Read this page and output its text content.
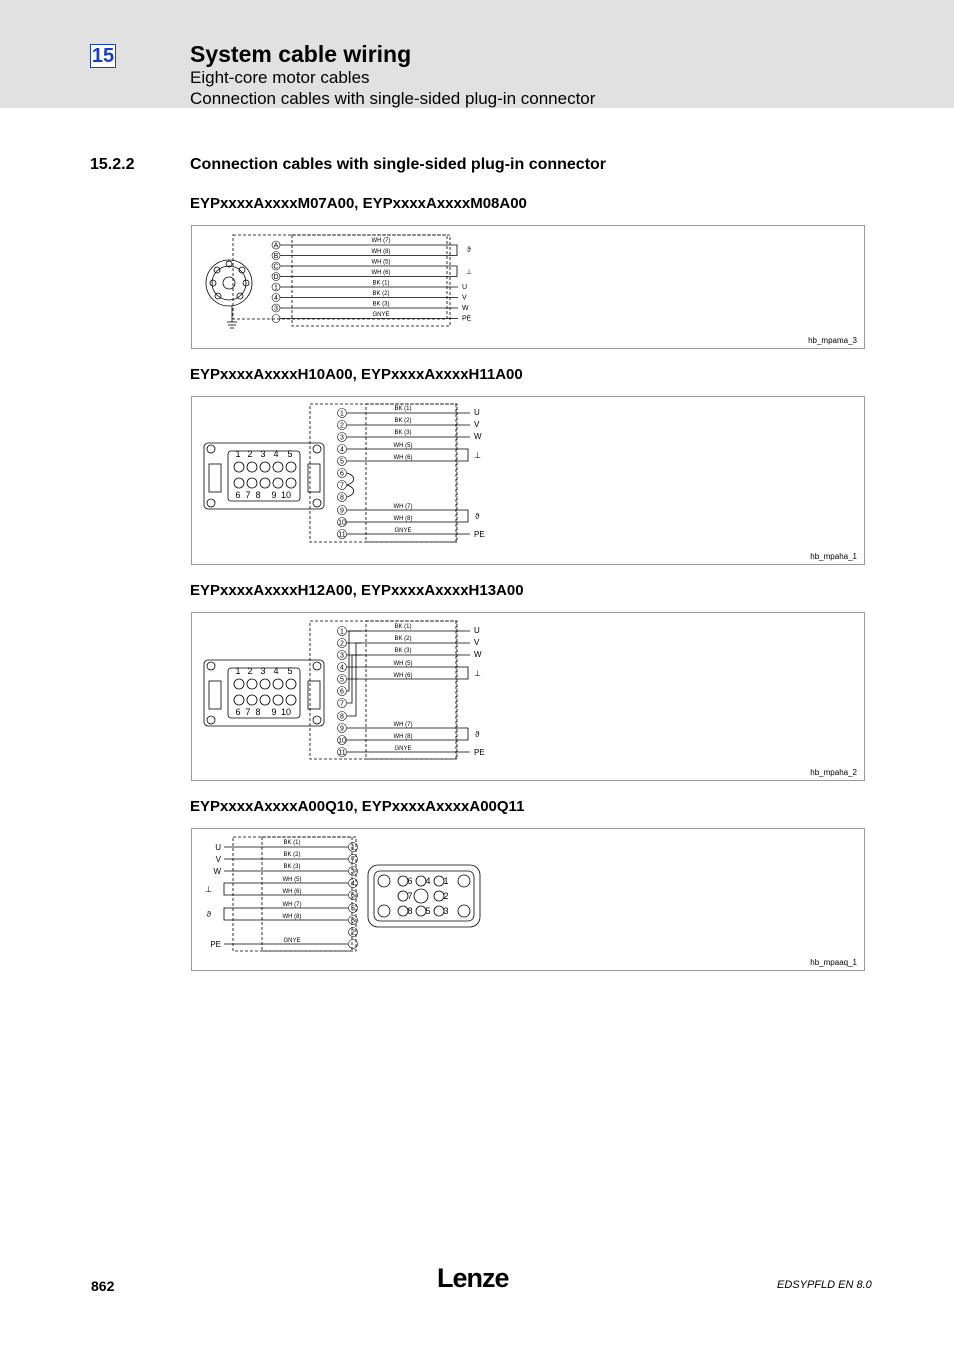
15	System cable wiring
Eight-core motor cables
Connection cables with single-sided plug-in connector
15.2.2	Connection cables with single-sided plug-in connector
EYPxxxxAxxxxM07A00, EYPxxxxAxxxxM08A00
A
B
C
D
1
4
3
WH (7)
WH (8)
WH (5)
WH (6)
BK (1)
BK (2)
BK (3)
GNYE
ϑ
⊥
U
V
W
PE
hb_mpama_3
EYPxxxxAxxxxH10A00, EYPxxxxAxxxxH11A00
1 2 3 4 5
6 7 8 9 10
1
2
3
4
5
6
7
8
9
10
11
BK (1)
BK (2)
BK (3)
WH (5)
WH (6)
WH (7)
WH (8)
GNYE
U
V
W
⊥
ϑ
PE
hb_mpaha_1
EYPxxxxAxxxxH12A00, EYPxxxxAxxxxH13A00
1 2 3 4 5
6 7 8 9 10
1
2
3
4
5
6
7
8
9
10
11
BK (1)
BK (2)
BK (3)
WH (5)
WH (6)
WH (7)
WH (8)
GNYE
U
V
W
⊥
ϑ
PE
hb_mpaha_2
EYPxxxxAxxxxA00Q10, EYPxxxxAxxxxA00Q11
U
V
W
⊥
ϑ
PE
BK (1)
BK (2)
BK (3)
WH (5)
WH (6)
WH (7)
WH (8)
GNYE
1
7
3
4
6
5
8
2
6 4 1
7	2
8 5 3
hb_mpaaq_1
862	Lenze	EDSYPFLD EN 8.0
